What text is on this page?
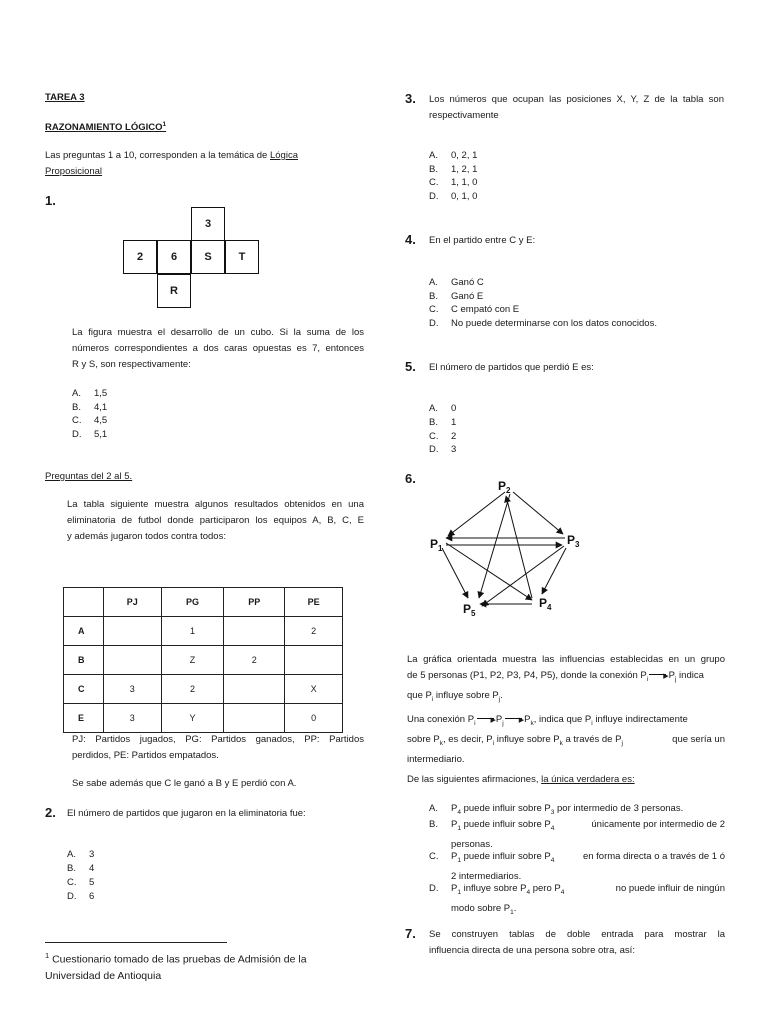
TAREA 3
RAZONAMIENTO LÓGICO$^1$
Las preguntas 1 a 10, corresponden a la temática de Lógica
Proposicional
1.
3
2	6	S	T
R
La figura muestra el desarrollo de un cubo. Si la suma de los
números correspondientes a dos caras opuestas es 7, entonces
R y S, son respectivamente:
A.	1,5
B.	4,1
C.	4,5
D.	5,1
Preguntas del 2 al 5.
La tabla siguiente muestra algunos resultados obtenidos en una
eliminatoria de futbol donde participaron los equipos A, B, C, E
y además jugaron todos contra todos:
	PJ	PG	PP	PE
A		1		2
B		Z	2	
C	3	2		X
E	3	Y		0
PJ: Partidos jugados, PG: Partidos ganados, PP: Partidos
perdidos, PE: Partidos empatados.
Se sabe además que C le ganó a B y E perdió con A.
2. El número de partidos que jugaron en la eliminatoria fue:
A.	3
B.	4
C.	5
D.	6
$^1$ Cuestionario tomado de las pruebas de Admisión de la
Universidad de Antioquia
3. Los números que ocupan las posiciones X, Y, Z de la tabla son
respectivamente
A.	0, 2, 1
B.	1, 2, 1
C.	1, 1, 0
D.	0, 1, 0
4. En el partido entre C y E:
A.	Ganó C
B.	Ganó E
C.	C empató con E
D.	No puede determinarse con los datos conocidos.
5. El número de partidos que perdió E es:
A.	0
B.	1
C.	2
D.	3
6.	$P_2$
$P_1$
$P_3$
$P_4$
$P_5$
La gráfica orientada muestra las influencias establecidas en un grupo
de 5 personas (P1, P2, P3, P4, P5), donde la conexión $P_i$ $▶P_j$ indica
que $P_i$ influye sobre $P_j$.
Una conexión $P_i$ $▶P_j$ $▶P_k$, indica que $P_i$ influye indirectamente
sobre $P_k$, es decir, $P_i$ influye sobre $P_k$ a través de $P_j$	que sería un
intermediario.
De las siguientes afirmaciones, la única verdadera es:
A.	$P_4$ puede influir sobre $P_3$ por intermedio de 3 personas.
B.	$P_1$ puede influir sobre $P_4$	únicamente por intermedio de 2
personas.
C.	$P_1$ puede influir sobre $P_4$	en forma directa o a través de 1 ó
2 intermediarios.
D.	$P_1$ influye sobre $P_4$ pero $P_4$	no puede influir de ningún
modo sobre $P_1$.
7. Se construyen tablas de doble entrada para mostrar la
influencia directa de una persona sobre otra, así:
